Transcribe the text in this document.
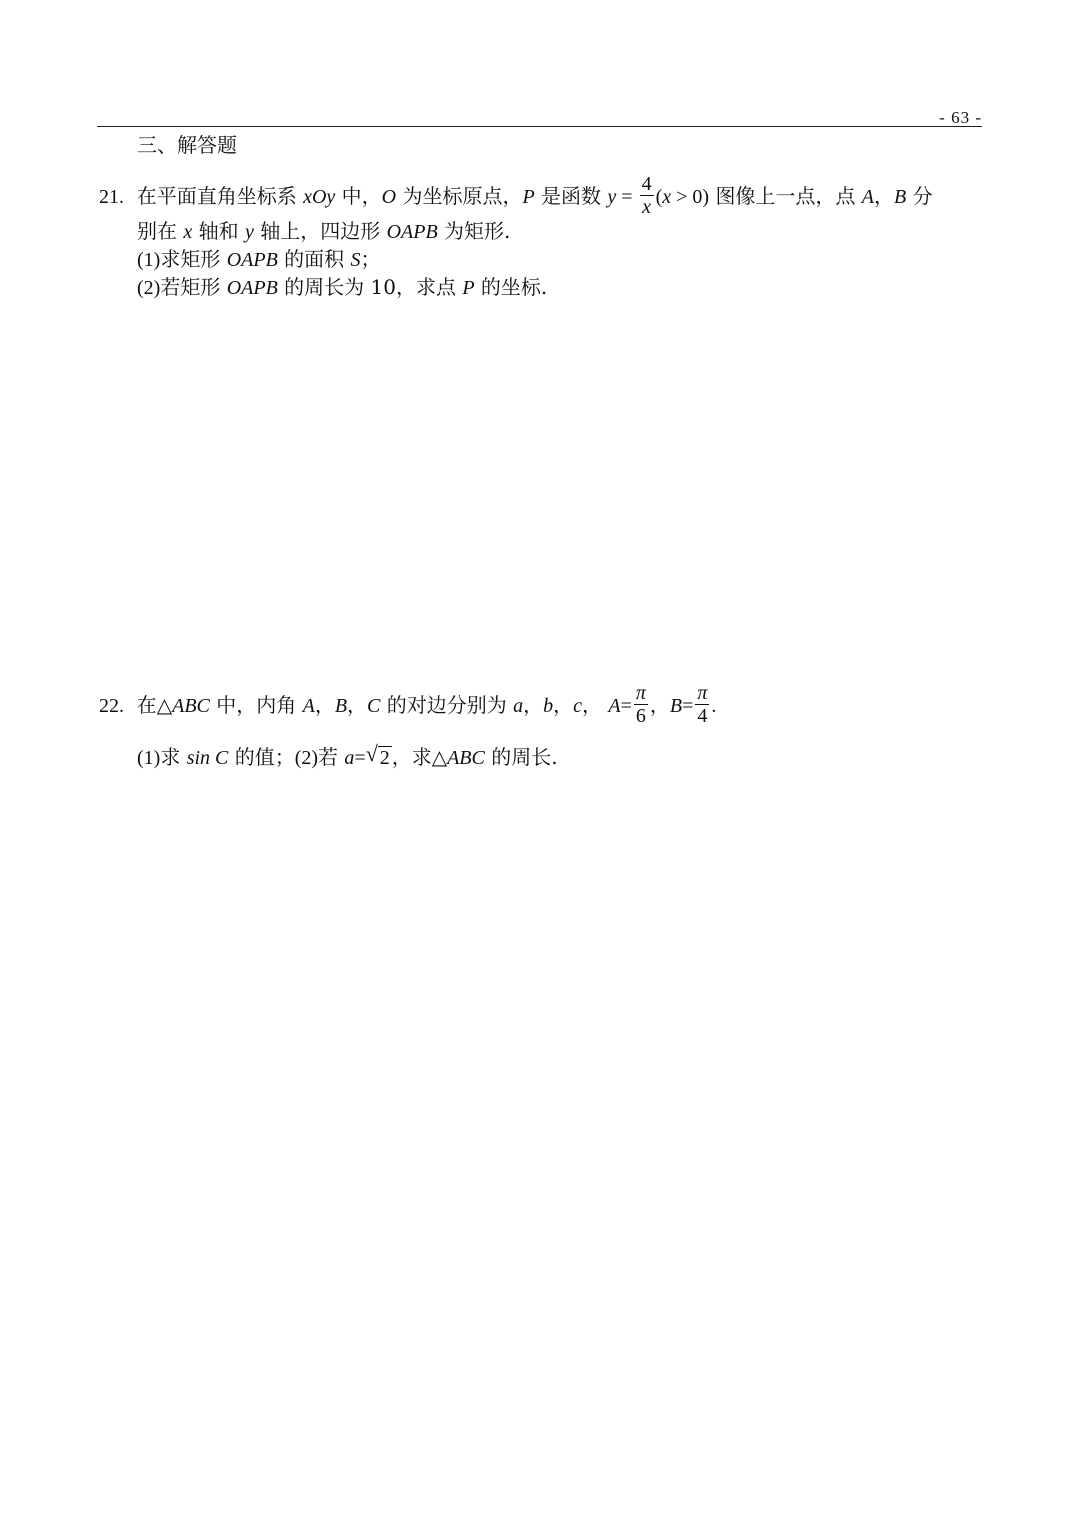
- 63 -
三、解答题
21. 在平面直角坐标系 xOy 中，O 为坐标原点，P 是函数 $y = \frac{4}{x} (x > 0)$ 图像上一点，点 A，B 分
别在 x 轴和 y 轴上，四边形 OAPB 为矩形.
(1)求矩形 OAPB 的面积 S；
(2)若矩形 OAPB 的周长为 10，求点 P 的坐标.
22. 在△ABC 中，内角 A，B，C 的对边分别为 a，b，c， $A= \frac{\pi}{6}$ ，$B= \frac{\pi}{4}$ .
(1)求 sin C 的值；(2)若 a= √ 2 ，求△ABC 的周长.
